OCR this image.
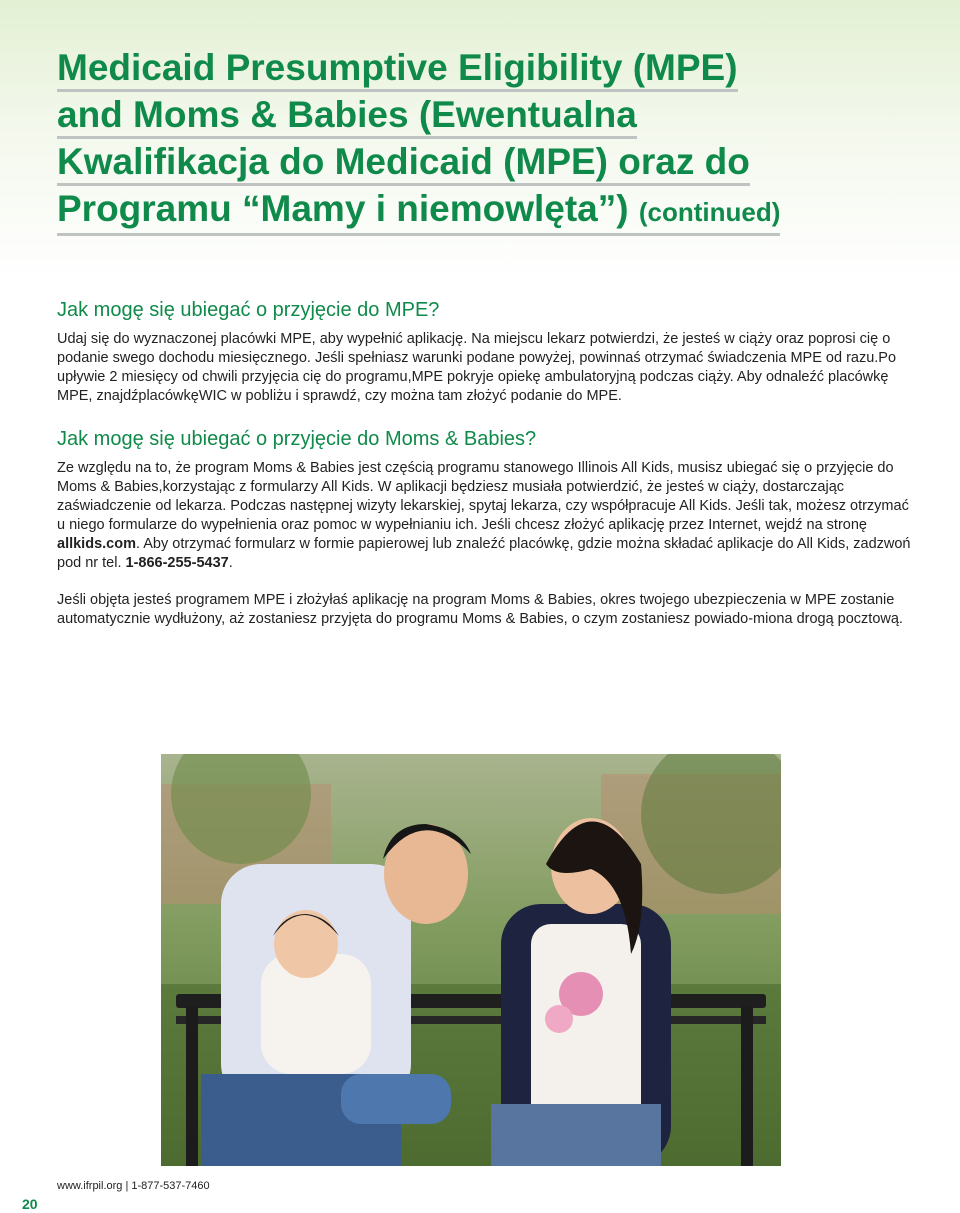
Medicaid Presumptive Eligibility (MPE)
and Moms & Babies (Ewentualna
Kwalifikacja do Medicaid (MPE) oraz do
Programu “Mamy i niemowlęta”) (continued)
Jak mogę się ubiegać o przyjęcie do MPE?

Udaj się do wyznaczonej placówki MPE, aby wypełnić aplikację. Na miejscu lekarz potwierdzi, że jesteś w ciąży oraz poprosi cię o podanie swego dochodu miesięcznego. Jeśli spełniasz warunki podane powyżej, powinnaś otrzymać świadczenia MPE od razu.Po upływie 2 miesięcy od chwili przyjęcia cię do programu,MPE pokryje opiekę ambulatoryjną podczas ciąży. Aby odnaleźć placówkę MPE, znajdźplacówkęWIC w pobliżu i sprawdź, czy można tam złożyć podanie do MPE.

Jak mogę się ubiegać o przyjęcie do Moms & Babies?

Ze względu na to, że program Moms & Babies jest częścią programu stanowego Illinois All Kids, musisz ubiegać się o przyjęcie do Moms & Babies,korzystając z formularzy All Kids. W aplikacji będziesz musiała potwierdzić, że jesteś w ciąży, dostarczając zaświadczenie od lekarza. Podczas następnej wizyty lekarskiej, spytaj lekarza, czy współpracuje All Kids. Jeśli tak, możesz otrzymać u niego formularze do wypełnienia oraz pomoc w wypełnianiu ich. Jeśli chcesz złożyć aplikację przez Internet, wejdź na stronę allkids.com. Aby otrzymać formularz w formie papierowej lub znaleźć placówkę, gdzie można składać aplikacje do All Kids, zadzwoń pod nr tel. 1-866-255-5437.

Jeśli objęta jesteś programem MPE i złożyłaś aplikację na program Moms & Babies, okres twojego ubezpieczenia w MPE zostanie automatycznie wydłużony, aż zostaniesz przyjęta do programu Moms & Babies, o czym zostaniesz powiado-miona drogą pocztową.

www.ifrpil.org | 1-877-537-7460
20
